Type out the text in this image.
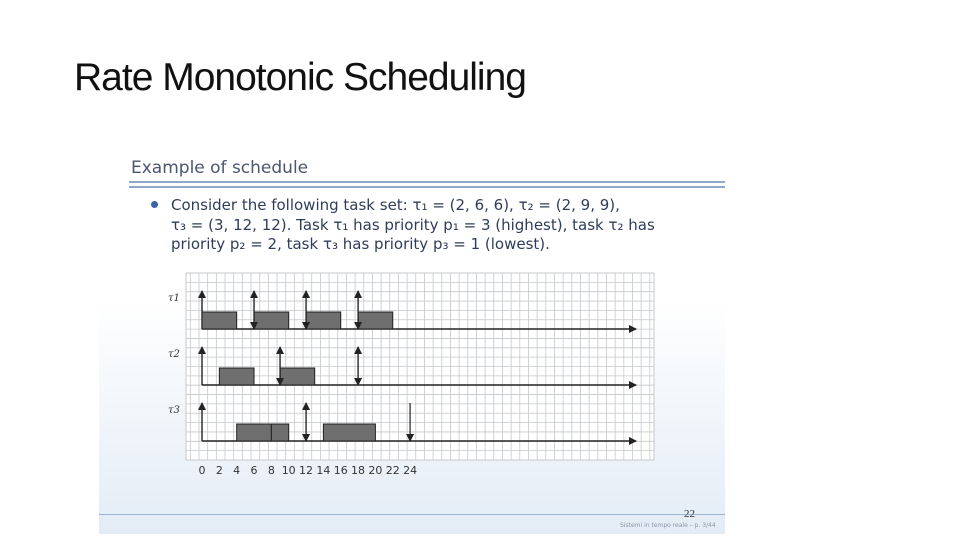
Rate Monotonic Scheduling
Example of schedule

Consider the following task set: τ₁ = (2, 6, 6), τ₂ = (2, 9, 9),
τ₃ = (3, 12, 12). Task τ₁ has priority p₁ = 3 (highest), task τ₂ has
priority p₂ = 2, task τ₃ has priority p₃ = 1 (lowest).

Sistemi in tempo reale – p. 3/44
0 2 4 6 8 10 12 14 16 18 20 22 24
τ1
τ2
τ3
22
